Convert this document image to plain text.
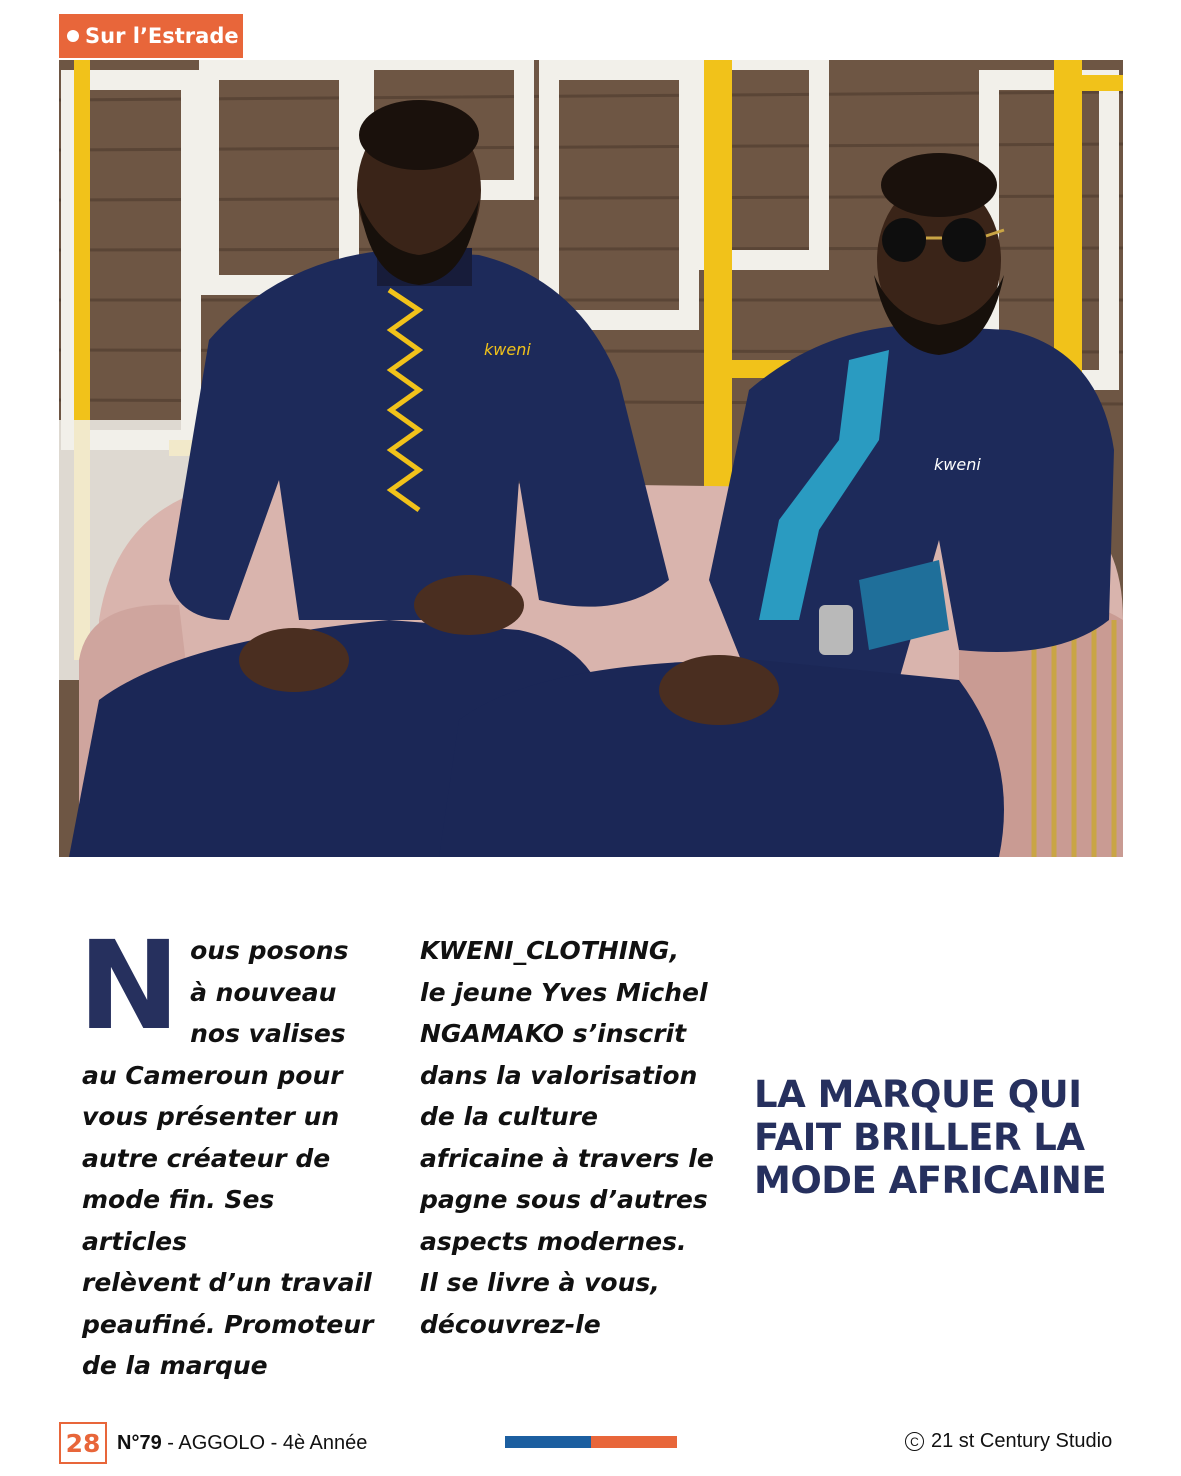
Sur l’Estrade
kweni
kweni
N ous posons
à nouveau
nos valises

au Cameroun pour
vous présenter un
autre créateur de
mode fin. Ses articles
relèvent d’un travail
peaufiné. Promoteur
de la marque

KWENI_CLOTHING,
le jeune Yves Michel
NGAMAKO s’inscrit
dans la valorisation
de la culture
africaine à travers le
pagne sous d’autres
aspects modernes.
Il se livre à vous,
découvrez-le

LA MARQUE QUI
FAIT BRILLER LA
MODE AFRICAINE
28 N°79 - AGGOLO - 4è Année	C 21 st Century Studio
